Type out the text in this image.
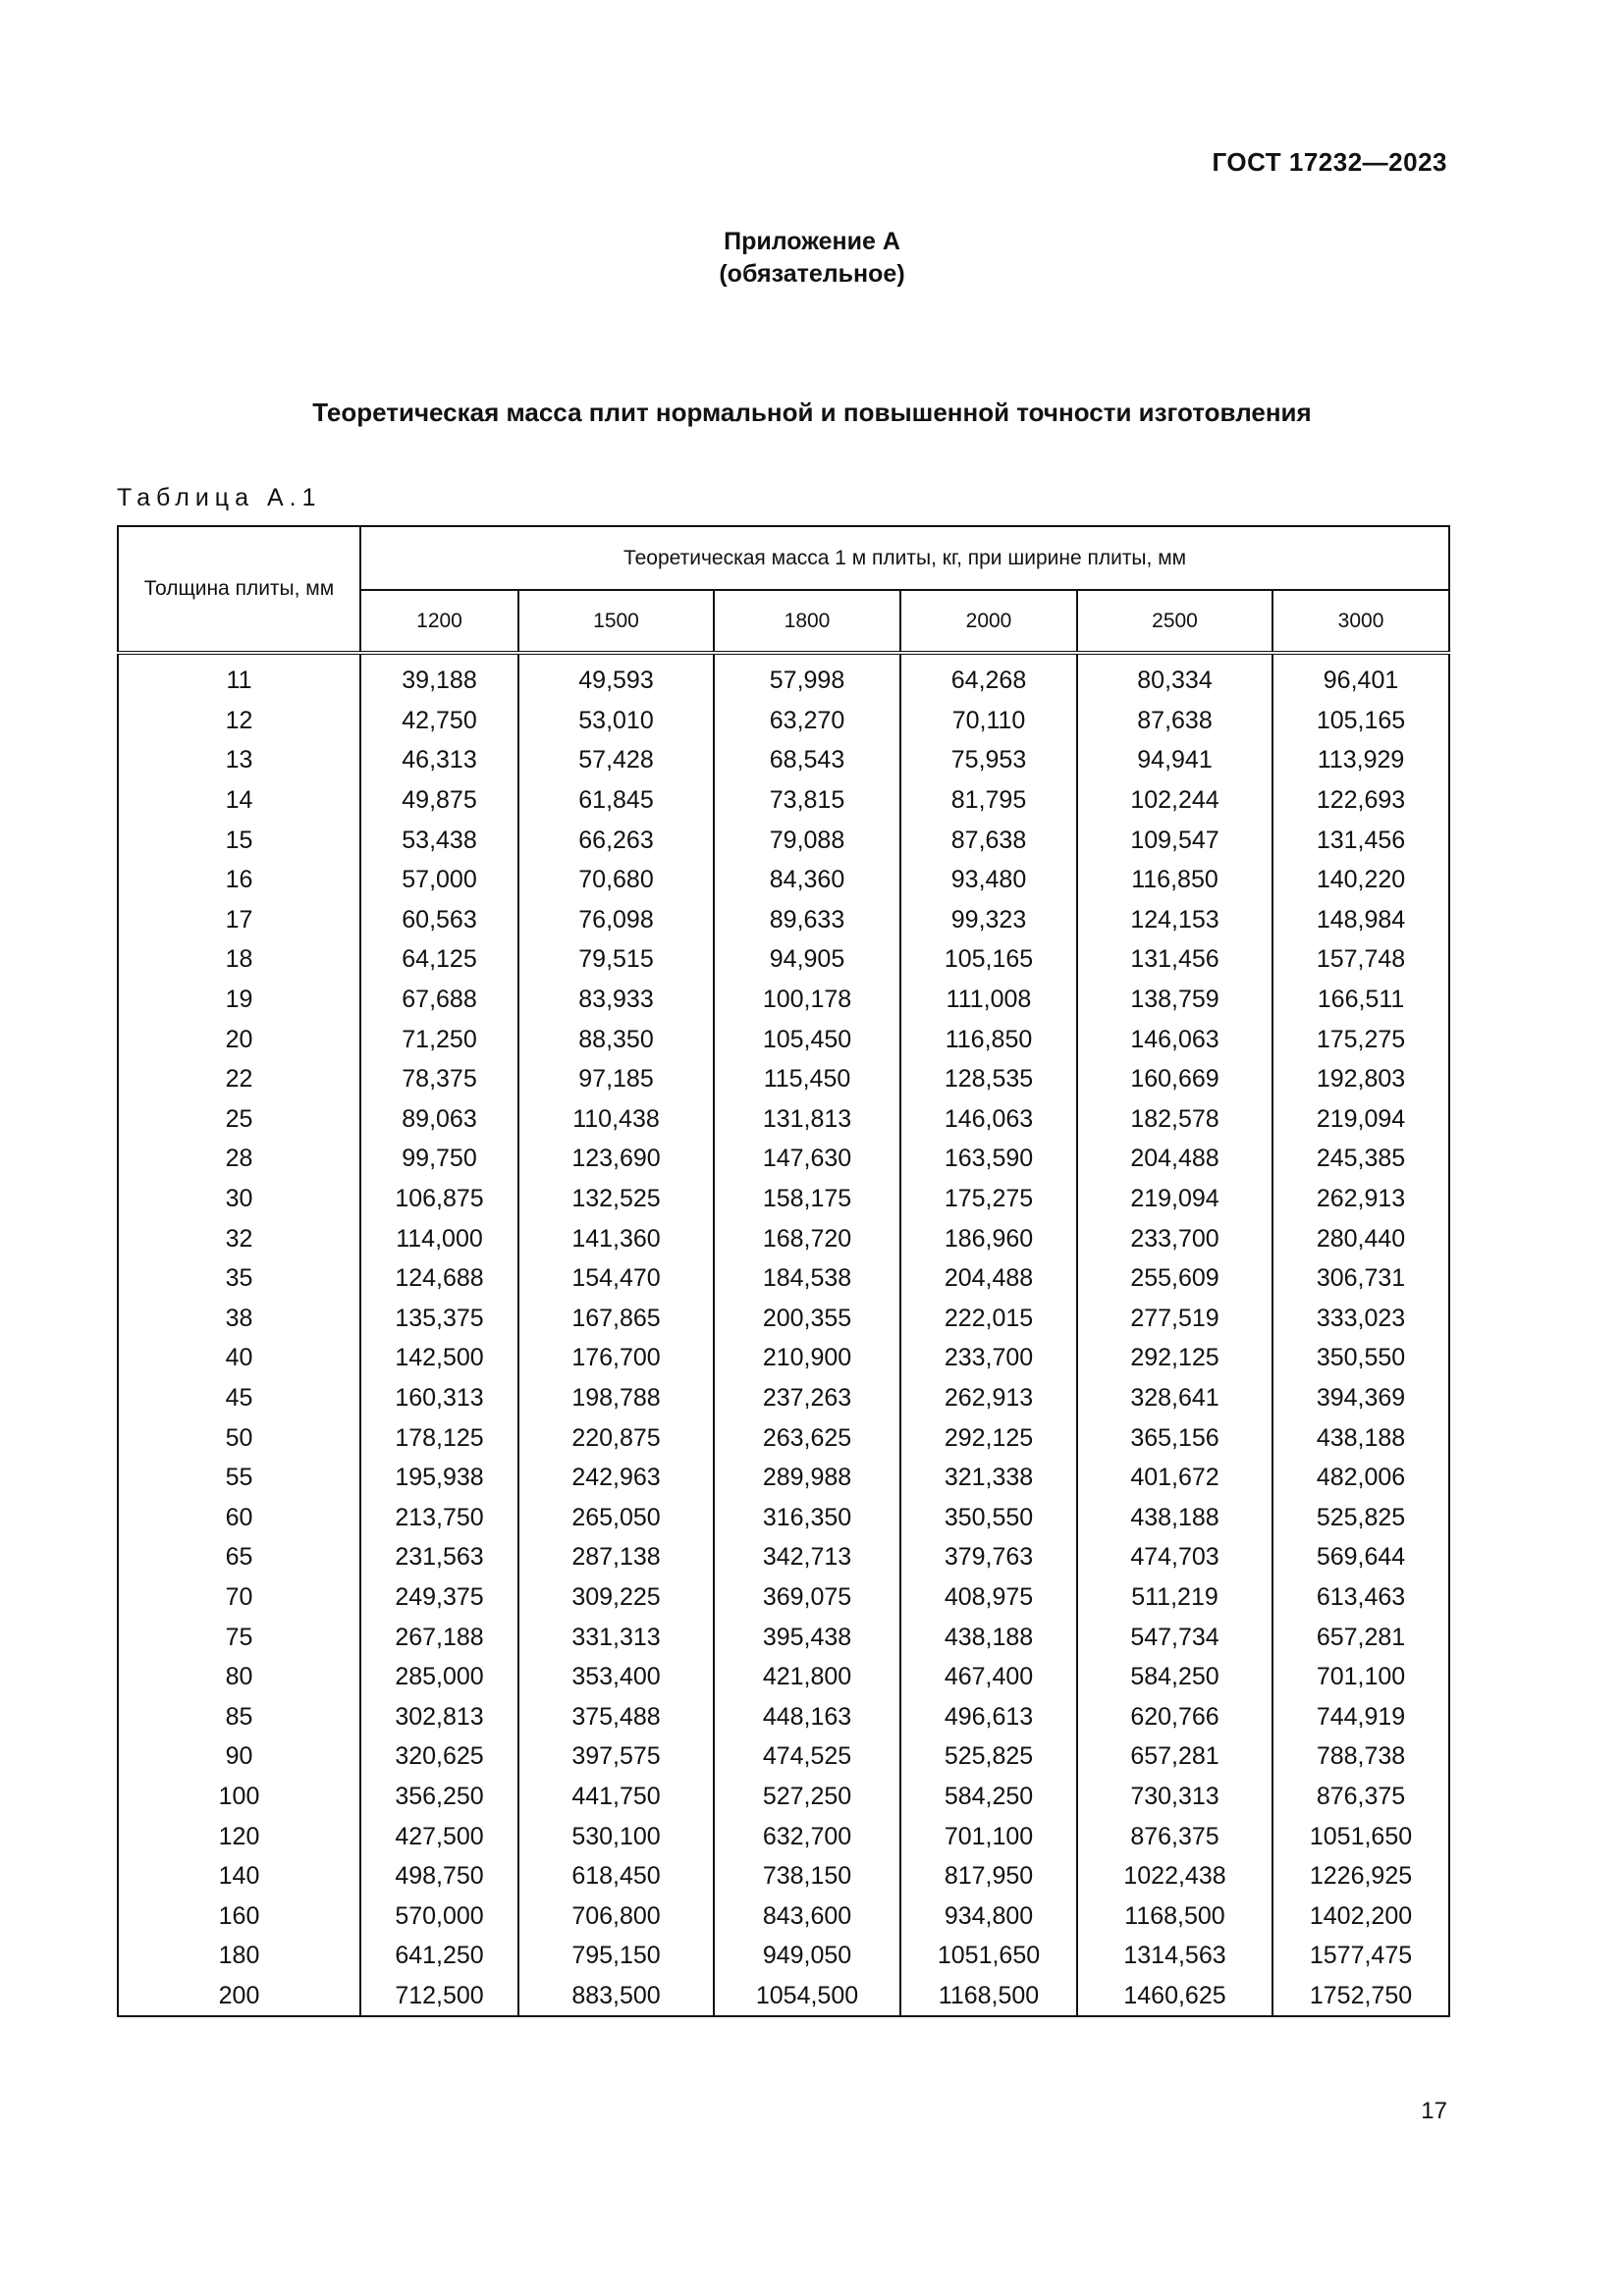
ГОСТ 17232—2023
Приложение А
(обязательное)
Теоретическая масса плит нормальной и повышенной точности изготовления
Таблица А.1
Толщина плиты, мм	Теоретическая масса 1 м плиты, кг, при ширине плиты, мм					
	1200	1500	1800	2000	2500	3000
11	39,188	49,593	57,998	64,268	80,334	96,401
12	42,750	53,010	63,270	70,110	87,638	105,165
13	46,313	57,428	68,543	75,953	94,941	113,929
14	49,875	61,845	73,815	81,795	102,244	122,693
15	53,438	66,263	79,088	87,638	109,547	131,456
16	57,000	70,680	84,360	93,480	116,850	140,220
17	60,563	76,098	89,633	99,323	124,153	148,984
18	64,125	79,515	94,905	105,165	131,456	157,748
19	67,688	83,933	100,178	111,008	138,759	166,511
20	71,250	88,350	105,450	116,850	146,063	175,275
22	78,375	97,185	115,450	128,535	160,669	192,803
25	89,063	110,438	131,813	146,063	182,578	219,094
28	99,750	123,690	147,630	163,590	204,488	245,385
30	106,875	132,525	158,175	175,275	219,094	262,913
32	114,000	141,360	168,720	186,960	233,700	280,440
35	124,688	154,470	184,538	204,488	255,609	306,731
38	135,375	167,865	200,355	222,015	277,519	333,023
40	142,500	176,700	210,900	233,700	292,125	350,550
45	160,313	198,788	237,263	262,913	328,641	394,369
50	178,125	220,875	263,625	292,125	365,156	438,188
55	195,938	242,963	289,988	321,338	401,672	482,006
60	213,750	265,050	316,350	350,550	438,188	525,825
65	231,563	287,138	342,713	379,763	474,703	569,644
70	249,375	309,225	369,075	408,975	511,219	613,463
75	267,188	331,313	395,438	438,188	547,734	657,281
80	285,000	353,400	421,800	467,400	584,250	701,100
85	302,813	375,488	448,163	496,613	620,766	744,919
90	320,625	397,575	474,525	525,825	657,281	788,738
100	356,250	441,750	527,250	584,250	730,313	876,375
120	427,500	530,100	632,700	701,100	876,375	1051,650
140	498,750	618,450	738,150	817,950	1022,438	1226,925
160	570,000	706,800	843,600	934,800	1168,500	1402,200
180	641,250	795,150	949,050	1051,650	1314,563	1577,475
200	712,500	883,500	1054,500	1168,500	1460,625	1752,750
17
